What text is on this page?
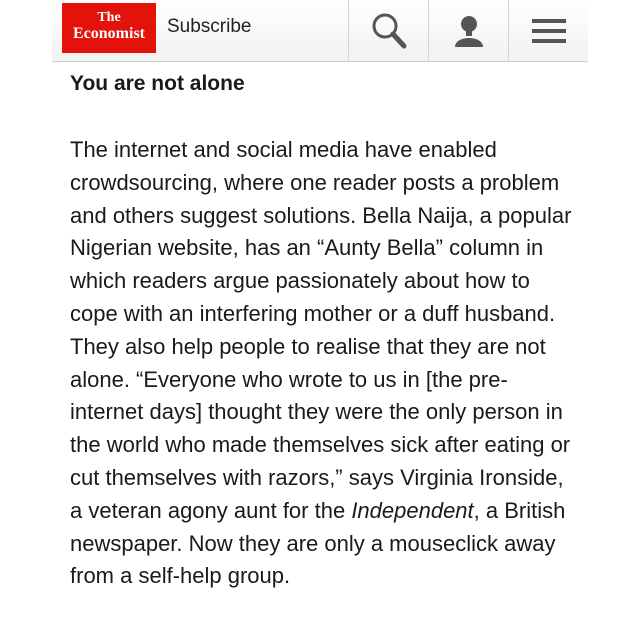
The
Economist	Subscribe
You are not alone

The internet and social media have enabled crowdsourcing, where one reader posts a problem and others suggest solutions. Bella Naija, a popular Nigerian website, has an “Aunty Bella” column in which readers argue passionately about how to cope with an interfering mother or a duff husband. They also help people to realise that they are not alone. “Everyone who wrote to us in [the pre-internet days] thought they were the only person in the world who made themselves sick after eating or cut themselves with razors,” says Virginia Ironside, a veteran agony aunt for the Independent, a British newspaper. Now they are only a mouseclick away from a self-help group.
